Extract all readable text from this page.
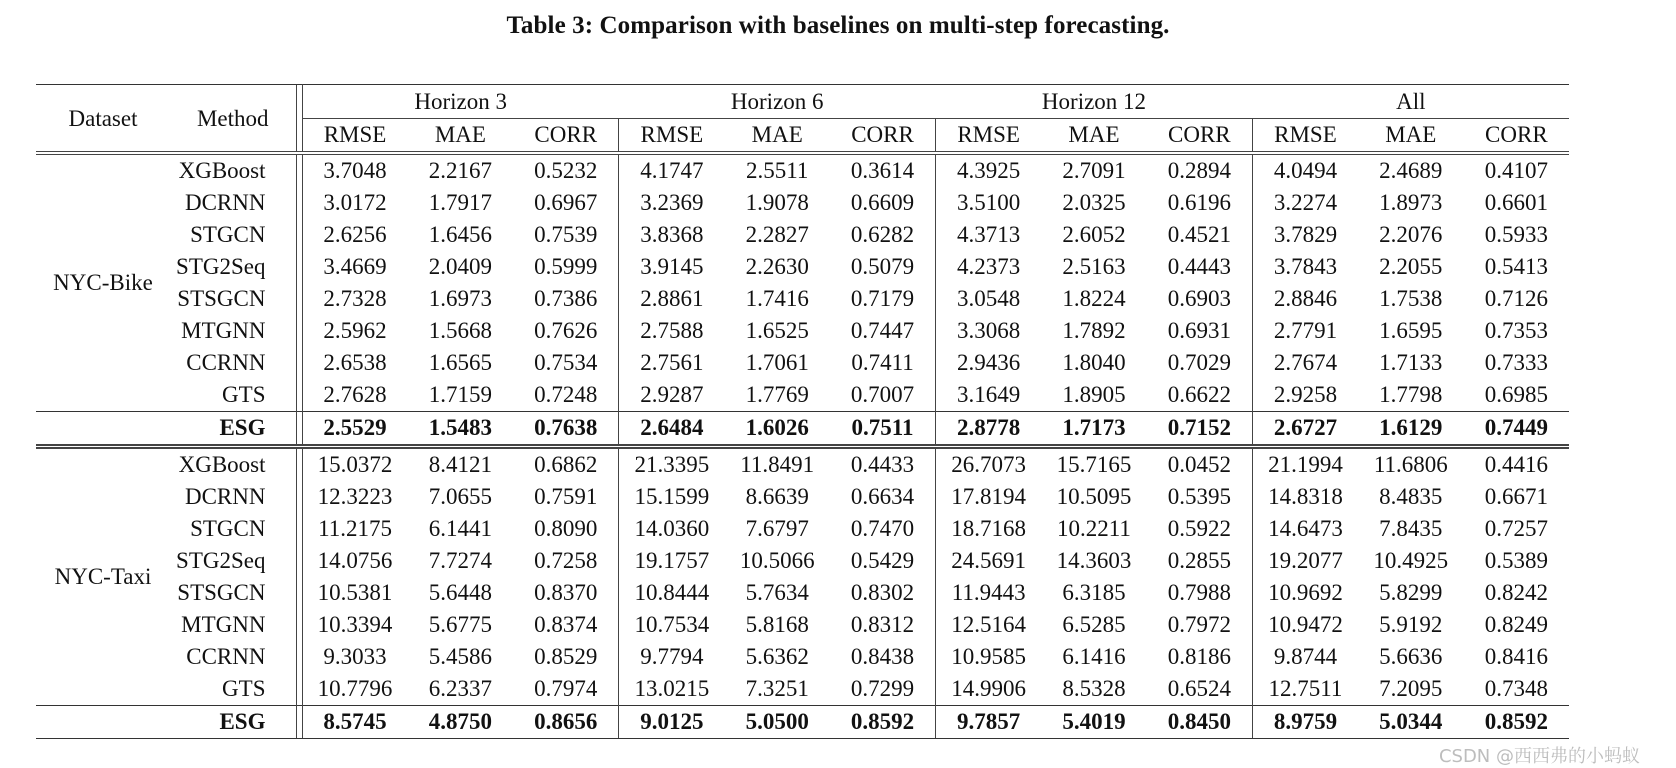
Table 3: Comparison with baselines on multi-step forecasting.
Dataset	Method		Horizon 3			Horizon 6			Horizon 12			All		
			RMSE	MAE	CORR	RMSE	MAE	CORR	RMSE	MAE	CORR	RMSE	MAE	CORR
NYC-Bike	XGBoost		3.7048	2.2167	0.5232	4.1747	2.5511	0.3614	4.3925	2.7091	0.2894	4.0494	2.4689	0.4107
	DCRNN		3.0172	1.7917	0.6967	3.2369	1.9078	0.6609	3.5100	2.0325	0.6196	3.2274	1.8973	0.6601
	STGCN		2.6256	1.6456	0.7539	3.8368	2.2827	0.6282	4.3713	2.6052	0.4521	3.7829	2.2076	0.5933
	STG2Seq		3.4669	2.0409	0.5999	3.9145	2.2630	0.5079	4.2373	2.5163	0.4443	3.7843	2.2055	0.5413
	STSGCN		2.7328	1.6973	0.7386	2.8861	1.7416	0.7179	3.0548	1.8224	0.6903	2.8846	1.7538	0.7126
	MTGNN		2.5962	1.5668	0.7626	2.7588	1.6525	0.7447	3.3068	1.7892	0.6931	2.7791	1.6595	0.7353
	CCRNN		2.6538	1.6565	0.7534	2.7561	1.7061	0.7411	2.9436	1.8040	0.7029	2.7674	1.7133	0.7333
	GTS		2.7628	1.7159	0.7248	2.9287	1.7769	0.7007	3.1649	1.8905	0.6622	2.9258	1.7798	0.6985
	ESG		2.5529	1.5483	0.7638	2.6484	1.6026	0.7511	2.8778	1.7173	0.7152	2.6727	1.6129	0.7449
NYC-Taxi	XGBoost		15.0372	8.4121	0.6862	21.3395	11.8491	0.4433	26.7073	15.7165	0.0452	21.1994	11.6806	0.4416
	DCRNN		12.3223	7.0655	0.7591	15.1599	8.6639	0.6634	17.8194	10.5095	0.5395	14.8318	8.4835	0.6671
	STGCN		11.2175	6.1441	0.8090	14.0360	7.6797	0.7470	18.7168	10.2211	0.5922	14.6473	7.8435	0.7257
	STG2Seq		14.0756	7.7274	0.7258	19.1757	10.5066	0.5429	24.5691	14.3603	0.2855	19.2077	10.4925	0.5389
	STSGCN		10.5381	5.6448	0.8370	10.8444	5.7634	0.8302	11.9443	6.3185	0.7988	10.9692	5.8299	0.8242
	MTGNN		10.3394	5.6775	0.8374	10.7534	5.8168	0.8312	12.5164	6.5285	0.7972	10.9472	5.9192	0.8249
	CCRNN		9.3033	5.4586	0.8529	9.7794	5.6362	0.8438	10.9585	6.1416	0.8186	9.8744	5.6636	0.8416
	GTS		10.7796	6.2337	0.7974	13.0215	7.3251	0.7299	14.9906	8.5328	0.6524	12.7511	7.2095	0.7348
	ESG		8.5745	4.8750	0.8656	9.0125	5.0500	0.8592	9.7857	5.4019	0.8450	8.9759	5.0344	0.8592
CSDN @西西弗的小蚂蚁
